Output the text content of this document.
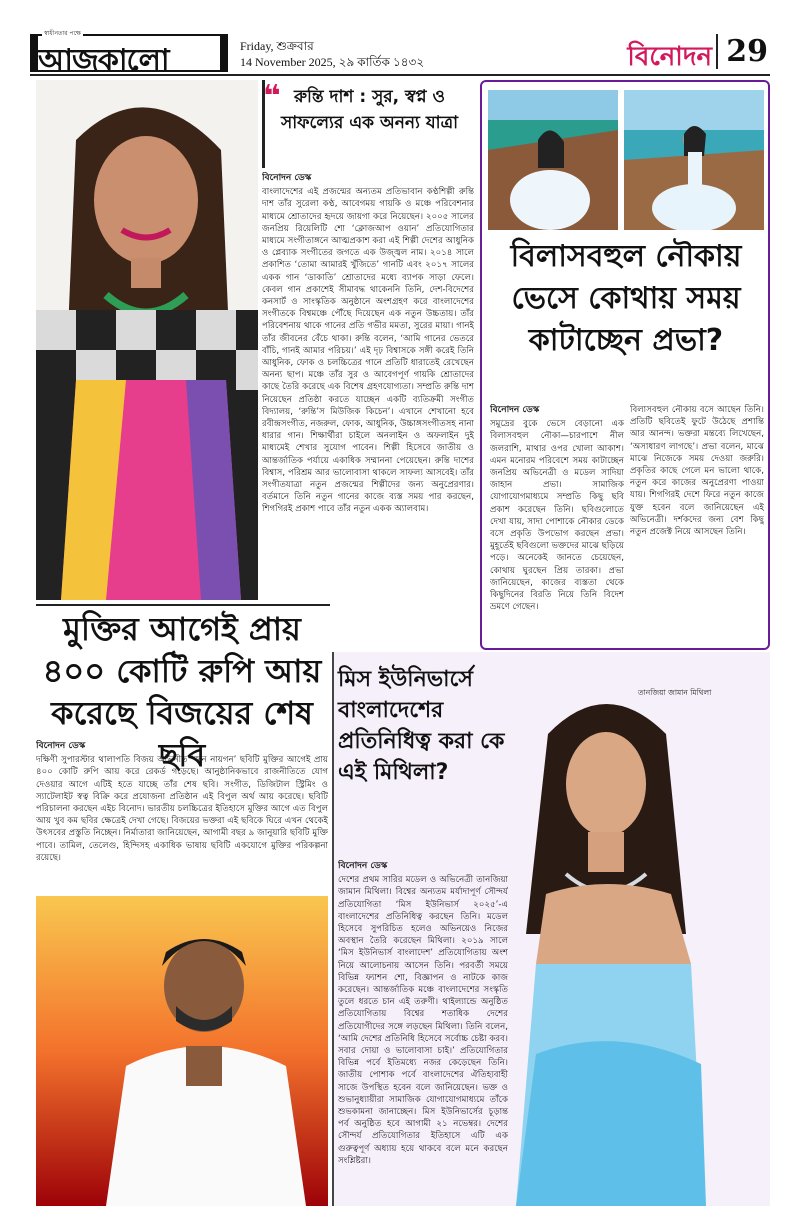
স্বাধীনতার পক্ষে
আজকালো	Friday, শুক্রবার
14 November 2025, ২৯ কার্তিক ১৪৩২	বিনোদন 29
❝ রুন্তি দাশ : সুর, স্বপ্ন ও সাফল্যের এক অনন্য যাত্রা
বিনোদন ডেস্ক
বাংলাদেশের এই প্রজন্মের অন্যতম প্রতিভাবান কণ্ঠশিল্পী রুন্তি দাশ তাঁর সুরেলা কণ্ঠ, আবেগময় গায়কি ও মঞ্চে পরিবেশনার মাধ্যমে শ্রোতাদের হৃদয়ে জায়গা করে নিয়েছেন। ২০০৫ সালের জনপ্রিয় রিয়েলিটি শো ‘ক্লোজআপ ওয়ান’ প্রতিযোগিতার মাধ্যমে সংগীতাঙ্গনে আত্মপ্রকাশ করা এই শিল্পী দেশের আধুনিক ও প্লেব্যাক সংগীতের জগতে এক উজ্জ্বল নাম। ২০১৪ সালে প্রকাশিত ‘তোমা আমারই খুঁজিতে’ গানটি এবং ২০১৭ সালের একক গান ‘ডাকাতি’ শ্রোতাদের মধ্যে ব্যাপক সাড়া ফেলে। কেবল গান প্রকাশেই সীমাবদ্ধ থাকেননি তিনি, দেশ-বিদেশের কনসার্ট ও সাংস্কৃতিক অনুষ্ঠানে অংশগ্রহণ করে বাংলাদেশের সংগীতকে বিশ্বমঞ্চে পৌঁছে দিয়েছেন এক নতুন উচ্চতায়। তাঁর পরিবেশনায় থাকে গানের প্রতি গভীর মমতা, সুরের মায়া। গানই তাঁর জীবনের বেঁচে থাকা। রুন্তি বলেন, ‘আমি গানের ভেতরে বাঁচি, গানই আমার পরিচয়।’ এই দৃঢ় বিশ্বাসকে সঙ্গী করেই তিনি আধুনিক, ফোক ও চলচ্চিত্রের গানে প্রতিটি ধারাতেই রেখেছেন অনন্য ছাপ। মঞ্চে তাঁর সুর ও আবেগপূর্ণ গায়কি শ্রোতাদের কাছে তৈরি করেছে এক বিশেষ গ্রহণযোগ্যতা। সম্প্রতি রুন্তি দাশ নিয়েছেন প্রতিষ্ঠা করতে যাচ্ছেন একটি ব্যতিক্রমী সংগীত বিদ্যালয়, ‘রুন্তি’স মিউজিক কিচেন’। এখানে শেখানো হবে রবীন্দ্রসংগীত, নজরুল, ফোক, আধুনিক, উচ্চাঙ্গসংগীতসহ নানা ধারার গান। শিক্ষার্থীরা চাইলে অনলাইন ও অফলাইন দুই মাধ্যমেই শেখার সুযোগ পাবেন। শিল্পী হিসেবে জাতীয় ও আন্তর্জাতিক পর্যায়ে একাধিক সম্মাননা পেয়েছেন। রুন্তি দাশের বিশ্বাস, পরিশ্রম আর ভালোবাসা থাকলে সাফল্য আসবেই। তাঁর সংগীতযাত্রা নতুন প্রজন্মের শিল্পীদের জন্য অনুপ্রেরণার। বর্তমানে তিনি নতুন গানের কাজে ব্যস্ত সময় পার করছেন, শিগগিরই প্রকাশ পাবে তাঁর নতুন একক অ্যালবাম।
বিলাসবহুল নৌকায় ভেসে কোথায় সময় কাটাচ্ছেন প্রভা?
বিনোদন ডেস্ক
সমুদ্রের বুকে ভেসে বেড়ানো এক বিলাসবহুল নৌকা—চারপাশে নীল জলরাশি, মাথার ওপর খোলা আকাশ। এমন মনোরম পরিবেশে সময় কাটাচ্ছেন জনপ্রিয় অভিনেত্রী ও মডেল সাদিয়া জাহান প্রভা। সামাজিক যোগাযোগমাধ্যমে সম্প্রতি কিছু ছবি প্রকাশ করেছেন তিনি। ছবিগুলোতে দেখা যায়, সাদা পোশাকে নৌকার ডেকে বসে প্রকৃতি উপভোগ করছেন প্রভা। মুহূর্তেই ছবিগুলো ভক্তদের মাঝে ছড়িয়ে পড়ে। অনেকেই জানতে চেয়েছেন, কোথায় ঘুরছেন প্রিয় তারকা। প্রভা জানিয়েছেন, কাজের ব্যস্ততা থেকে কিছুদিনের বিরতি নিয়ে তিনি বিদেশ ভ্রমণে গেছেন।
বিলাসবহুল নৌকায় বসে আছেন তিনি। প্রতিটি ছবিতেই ফুটে উঠেছে প্রশান্তি আর আনন্দ। ভক্তরা মন্তব্যে লিখেছেন, ‘অসাধারণ লাগছে’। প্রভা বলেন, মাঝে মাঝে নিজেকে সময় দেওয়া জরুরি। প্রকৃতির কাছে গেলে মন ভালো থাকে, নতুন করে কাজের অনুপ্রেরণা পাওয়া যায়। শিগগিরই দেশে ফিরে নতুন কাজে যুক্ত হবেন বলে জানিয়েছেন এই অভিনেত্রী। দর্শকদের জন্য বেশ কিছু নতুন প্রজেক্ট নিয়ে আসছেন তিনি।
মুক্তির আগেই প্রায় ৪০০ কোটি রুপি আয় করেছে বিজয়ের শেষ ছবি
বিনোদন ডেস্ক
দক্ষিণী সুপারস্টার থালাপতি বিজয় অভিনীত ‘জন নায়গন’ ছবিটি মুক্তির আগেই প্রায় ৪০০ কোটি রুপি আয় করে রেকর্ড গড়েছে। আনুষ্ঠানিকভাবে রাজনীতিতে যোগ দেওয়ার আগে এটিই হতে যাচ্ছে তাঁর শেষ ছবি। সংগীত, ডিজিটাল স্ট্রিমিং ও স্যাটেলাইট স্বত্ব বিক্রি করে প্রযোজনা প্রতিষ্ঠান এই বিপুল অর্থ আয় করেছে। ছবিটি পরিচালনা করছেন এইচ বিনোদ। ভারতীয় চলচ্চিত্রের ইতিহাসে মুক্তির আগে এত বিপুল আয় খুব কম ছবির ক্ষেত্রেই দেখা গেছে। বিজয়ের ভক্তরা এই ছবিকে ঘিরে এখন থেকেই উৎসবের প্রস্তুতি নিচ্ছেন। নির্মাতারা জানিয়েছেন, আগামী বছর ৯ জানুয়ারি ছবিটি মুক্তি পাবে। তামিল, তেলেগু, হিন্দিসহ একাধিক ভাষায় ছবিটি একযোগে মুক্তির পরিকল্পনা রয়েছে।
তানজিয়া জামান মিথিলা
মিস ইউনিভার্সে বাংলাদেশের প্রতিনিধিত্ব করা কে এই মিথিলা?
বিনোদন ডেস্ক
দেশের প্রথম সারির মডেল ও অভিনেত্রী তানজিয়া জামান মিথিলা। বিশ্বের অন্যতম মর্যাদাপূর্ণ সৌন্দর্য প্রতিযোগিতা ‘মিস ইউনিভার্স ২০২৫’-এ বাংলাদেশের প্রতিনিধিত্ব করছেন তিনি। মডেল হিসেবে সুপরিচিত হলেও অভিনয়েও নিজের অবস্থান তৈরি করেছেন মিথিলা। ২০১৯ সালে ‘মিস ইউনিভার্স বাংলাদেশ’ প্রতিযোগিতায় অংশ নিয়ে আলোচনায় আসেন তিনি। পরবর্তী সময়ে বিভিন্ন ফ্যাশন শো, বিজ্ঞাপন ও নাটকে কাজ করেছেন। আন্তর্জাতিক মঞ্চে বাংলাদেশের সংস্কৃতি তুলে ধরতে চান এই তরুণী। থাইল্যান্ডে অনুষ্ঠিত প্রতিযোগিতায় বিশ্বের শতাধিক দেশের প্রতিযোগীদের সঙ্গে লড়ছেন মিথিলা। তিনি বলেন, ‘আমি দেশের প্রতিনিধি হিসেবে সর্বোচ্চ চেষ্টা করব। সবার দোয়া ও ভালোবাসা চাই।’ প্রতিযোগিতার বিভিন্ন পর্বে ইতিমধ্যে নজর কেড়েছেন তিনি। জাতীয় পোশাক পর্বে বাংলাদেশের ঐতিহ্যবাহী সাজে উপস্থিত হবেন বলে জানিয়েছেন। ভক্ত ও শুভানুধ্যায়ীরা সামাজিক যোগাযোগমাধ্যমে তাঁকে শুভকামনা জানাচ্ছেন। মিস ইউনিভার্সের চূড়ান্ত পর্ব অনুষ্ঠিত হবে আগামী ২১ নভেম্বর। দেশের সৌন্দর্য প্রতিযোগিতার ইতিহাসে এটি এক গুরুত্বপূর্ণ অধ্যায় হয়ে থাকবে বলে মনে করছেন সংশ্লিষ্টরা।
